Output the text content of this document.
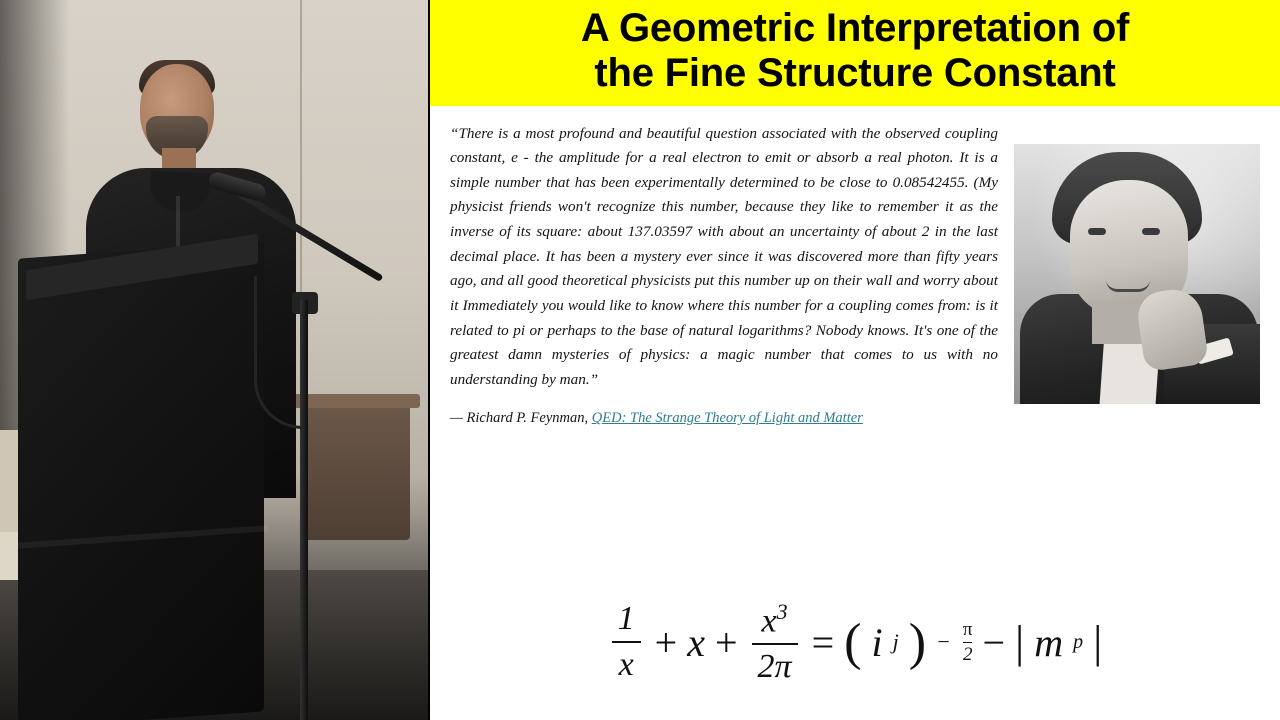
A Geometric Interpretation of
the Fine Structure Constant

“There is a most profound and beautiful question associated with the observed coupling constant, e - the amplitude for a real electron to emit or absorb a real photon. It is a simple number that has been experimentally determined to be close to 0.08542455. (My physicist friends won't recognize this number, because they like to remember it as the inverse of its square: about 137.03597 with about an uncertainty of about 2 in the last decimal place. It has been a mystery ever since it was discovered more than fifty years ago, and all good theoretical physicists put this number up on their wall and worry about it Immediately you would like to know where this number for a coupling comes from: is it related to pi or perhaps to the base of natural logarithms? Nobody knows. It's one of the greatest damn mysteries of physics: a magic number that comes to us with no understanding by man.”

— Richard P. Feynman, QED: The Strange Theory of Light and Matter
$\frac{1}{x} + x + \frac{x^3}{2\pi}$ = ( i j ) − $\frac{\pi}{2}$ − | m p |
